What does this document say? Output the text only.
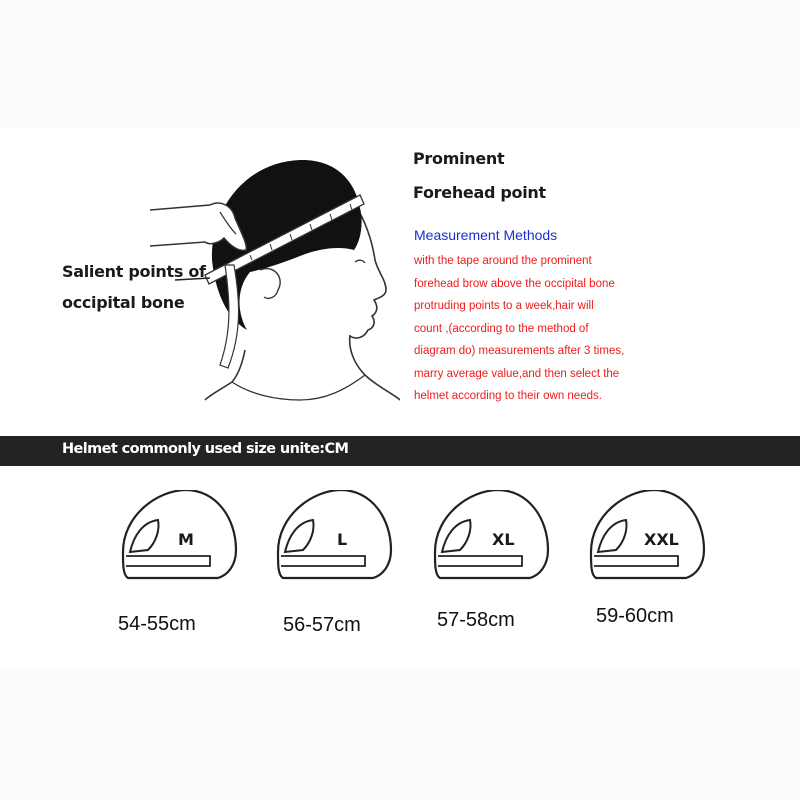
Salient points of
occipital bone
Prominent
Forehead point
Measurement Methods
with the tape around the prominent
forehead brow above the occipital bone
protruding points to a week,hair will
count ,(according to the method of
diagram do) measurements after 3 times,
marry average value,and then select the
helmet according to their own needs.
Helmet commonly used size unite:CM
M	L	XL	XXL
54-55cm	56-57cm	57-58cm	59-60cm
